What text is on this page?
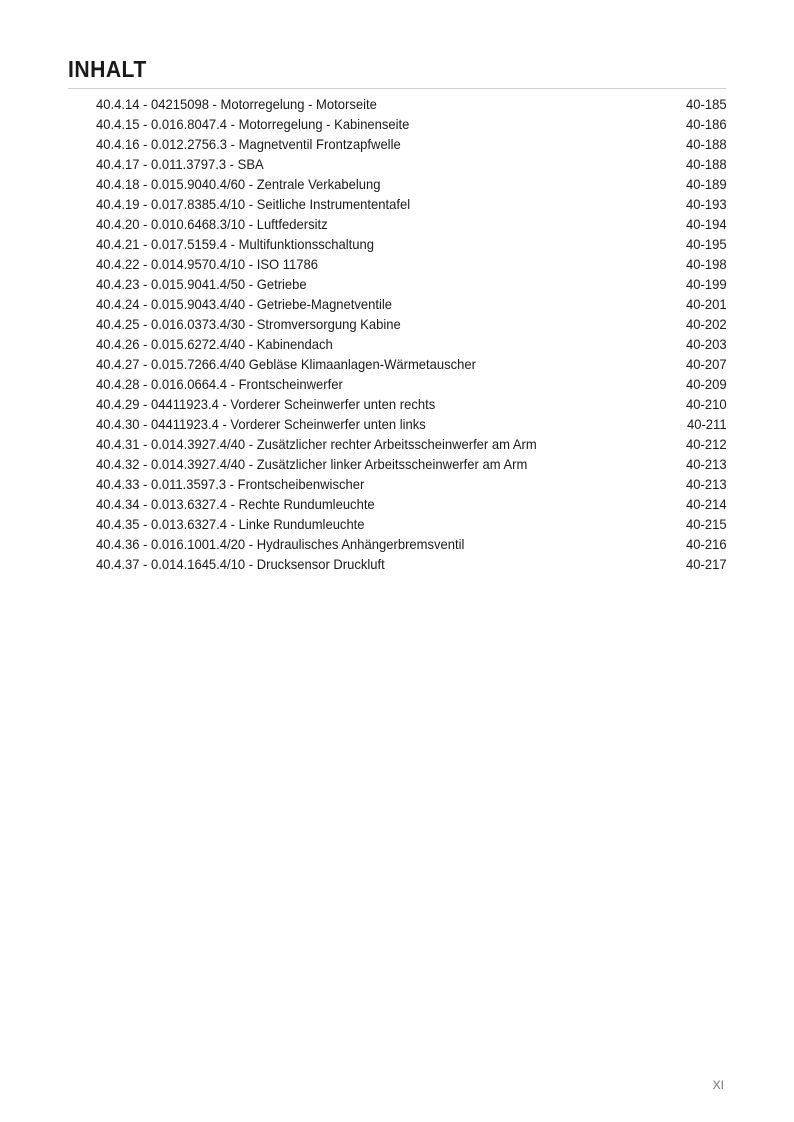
INHALT
40.4.14 - 04215098 - Motorregelung - Motorseite	40-185
40.4.15 - 0.016.8047.4 - Motorregelung - Kabinenseite	40-186
40.4.16 - 0.012.2756.3 - Magnetventil Frontzapfwelle	40-188
40.4.17 - 0.011.3797.3 - SBA	40-188
40.4.18 - 0.015.9040.4/60 - Zentrale Verkabelung	40-189
40.4.19 - 0.017.8385.4/10 - Seitliche Instrumententafel	40-193
40.4.20 - 0.010.6468.3/10 - Luftfedersitz	40-194
40.4.21 - 0.017.5159.4 - Multifunktionsschaltung	40-195
40.4.22 - 0.014.9570.4/10 - ISO 11786	40-198
40.4.23 - 0.015.9041.4/50 - Getriebe	40-199
40.4.24 - 0.015.9043.4/40 - Getriebe-Magnetventile	40-201
40.4.25 - 0.016.0373.4/30 - Stromversorgung Kabine	40-202
40.4.26 - 0.015.6272.4/40 - Kabinendach	40-203
40.4.27 - 0.015.7266.4/40 Gebläse Klimaanlagen-Wärmetauscher	40-207
40.4.28 - 0.016.0664.4 - Frontscheinwerfer	40-209
40.4.29 - 04411923.4 - Vorderer Scheinwerfer unten rechts	40-210
40.4.30 - 04411923.4 - Vorderer Scheinwerfer unten links	40-211
40.4.31 - 0.014.3927.4/40 - Zusätzlicher rechter Arbeitsscheinwerfer am Arm	40-212
40.4.32 - 0.014.3927.4/40 - Zusätzlicher linker Arbeitsscheinwerfer am Arm	40-213
40.4.33 - 0.011.3597.3 - Frontscheibenwischer	40-213
40.4.34 - 0.013.6327.4 - Rechte Rundumleuchte	40-214
40.4.35 - 0.013.6327.4 - Linke Rundumleuchte	40-215
40.4.36 - 0.016.1001.4/20 - Hydraulisches Anhängerbremsventil	40-216
40.4.37 - 0.014.1645.4/10 - Drucksensor Druckluft	40-217
XI
